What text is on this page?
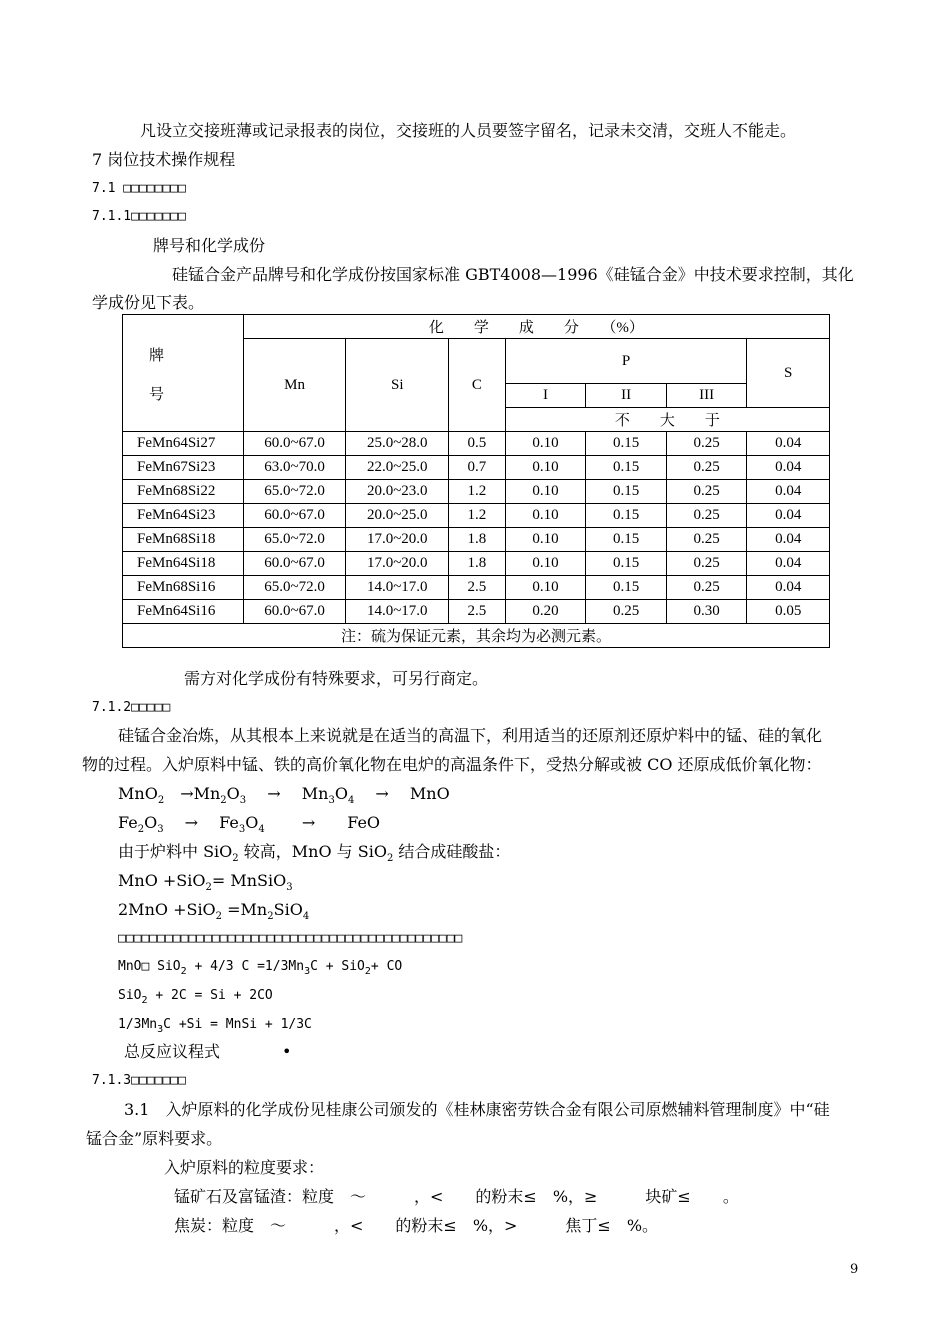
凡设立交接班薄或记录报表的岗位，交接班的人员要签字留名，记录未交清，交班人不能走。
7 岗位技术操作规程
7.1 □□□□□□□□
7.1.1□□□□□□□
牌号和化学成份
硅锰合金产品牌号和化学成份按国家标准 GBT4008—1996《硅锰合金》中技术要求控制，其化
学成份见下表。
牌
号	化　　学　　成　　分　　（%）						
	Mn	Si	C	P			S
				I	II	III	
				不　　大　　于			
FeMn64Si27	60.0~67.0	25.0~28.0	0.5	0.10	0.15	0.25	0.04
FeMn67Si23	63.0~70.0	22.0~25.0	0.7	0.10	0.15	0.25	0.04
FeMn68Si22	65.0~72.0	20.0~23.0	1.2	0.10	0.15	0.25	0.04
FeMn64Si23	60.0~67.0	20.0~25.0	1.2	0.10	0.15	0.25	0.04
FeMn68Si18	65.0~72.0	17.0~20.0	1.8	0.10	0.15	0.25	0.04
FeMn64Si18	60.0~67.0	17.0~20.0	1.8	0.10	0.15	0.25	0.04
FeMn68Si16	65.0~72.0	14.0~17.0	2.5	0.10	0.15	0.25	0.04
FeMn64Si16	60.0~67.0	14.0~17.0	2.5	0.20	0.25	0.30	0.05
注：硫为保证元素，其余均为必测元素。							
需方对化学成份有特殊要求，可另行商定。
7.1.2□□□□□
硅锰合金冶炼，从其根本上来说就是在适当的高温下，利用适当的还原剂还原炉料中的锰、硅的氧化
物的过程。入炉原料中锰、铁的高价氧化物在电炉的高温条件下，受热分解或被 CO 还原成低价氧化物：
MnO$_2$　$\to Mn_2O_3$　 →　 $Mn_3O_4$　 →　 MnO
$Fe_2O_3$　 →　 $Fe_3O_4$　　 →　　FeO
由于炉料中 SiO$_2$ 较高，MnO 与 SiO$_2$ 结合成硅酸盐：
MnO +SiO$_2$= MnSiO$_3$
$2MnO +SiO_2 =Mn_2SiO_4$
□□□□□□□□□□□□□□□□□□□□□□□□□□□□□□□□□□□□□□□□□□□□
MnO□ SiO$_2$ + 4/3 $C =1/3Mn_3C + SiO_2+$ CO
SiO$_2$ + 2C = Si + 2CO
$1/3Mn_3C +Si$ = MnSi + 1/3C
总反应议程式	•
7.1.3□□□□□□□
3.1　入炉原料的化学成份见桂康公司颁发的《桂林康密劳铁合金有限公司原燃辅料管理制度》中“硅
锰合金”原料要求。
入炉原料的粒度要求：
锰矿石及富锰渣：粒度　～　　　，<　　的粉末≤　%，≥　　　块矿≤　　。
焦炭：粒度　～　　　，<　　的粉末≤　%，>　　　焦丁≤　%。
9
